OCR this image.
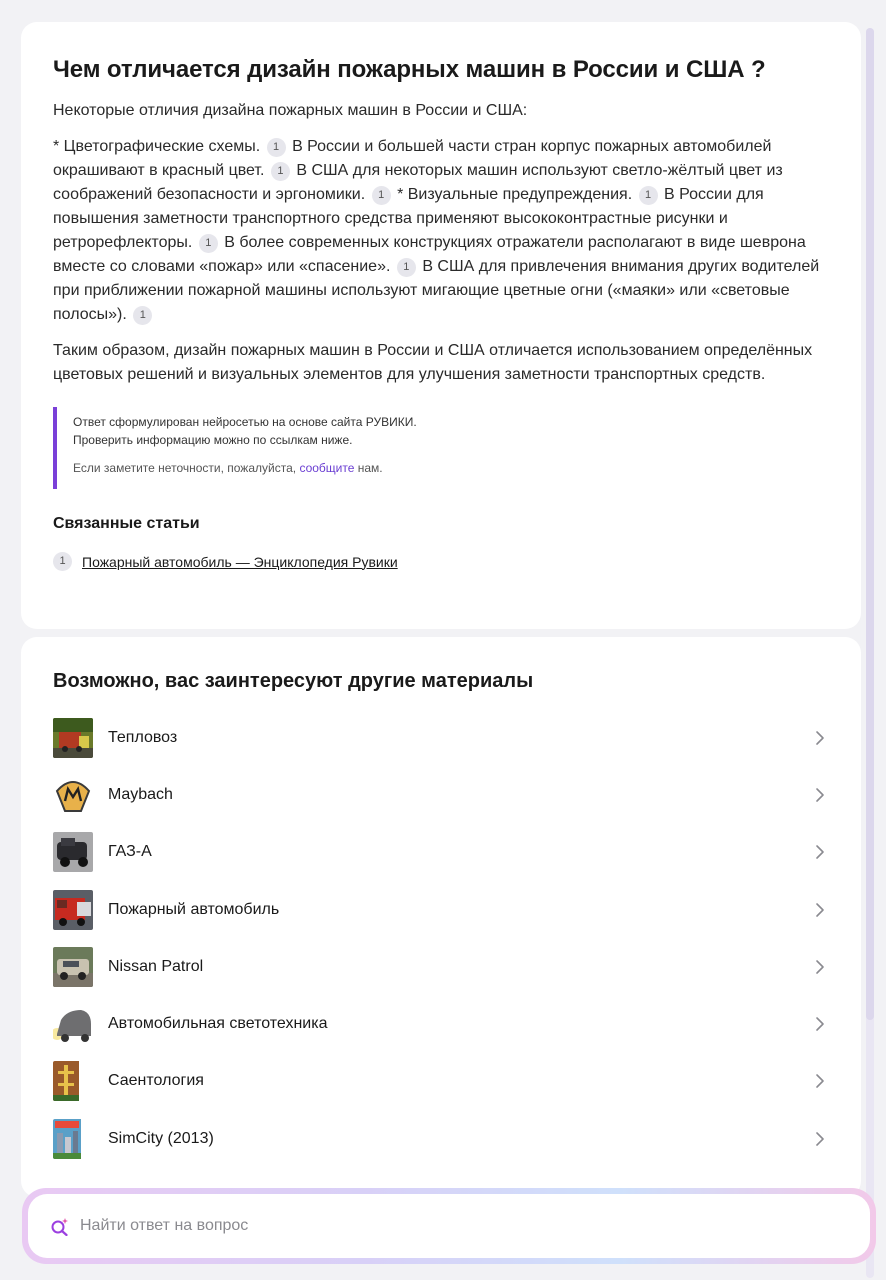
Чем отличается дизайн пожарных машин в России и США ?

Некоторые отличия дизайна пожарных машин в России и США:

* Цветографические схемы. 1 В России и большей части стран корпус пожарных автомобилей окрашивают в красный цвет. 1 В США для некоторых машин используют светло-жёлтый цвет из соображений безопасности и эргономики. 1 * Визуальные предупреждения. 1 В России для повышения заметности транспортного средства применяют высококонтрастные рисунки и ретрорефлекторы. 1 В более современных конструкциях отражатели располагают в виде шеврона вместе со словами «пожар» или «спасение». 1 В США для привлечения внимания других водителей при приближении пожарной машины используют мигающие цветные огни («маяки» или «световые полосы»). 1

Таким образом, дизайн пожарных машин в России и США отличается использованием определённых цветовых решений и визуальных элементов для улучшения заметности транспортных средств.

Ответ сформулирован нейросетью на основе сайта РУВИКИ.
Проверить информацию можно по ссылкам ниже.
Если заметите неточности, пожалуйста, сообщите нам.
Связанные статьи
1	Пожарный автомобиль — Энциклопедия Рувики
Возможно, вас заинтересуют другие материалы
Тепловоз
Maybach
ГАЗ-А
Пожарный автомобиль
Nissan Patrol
Автомобильная светотехника
Саентология
SimCity (2013)
Найти ответ на вопрос
